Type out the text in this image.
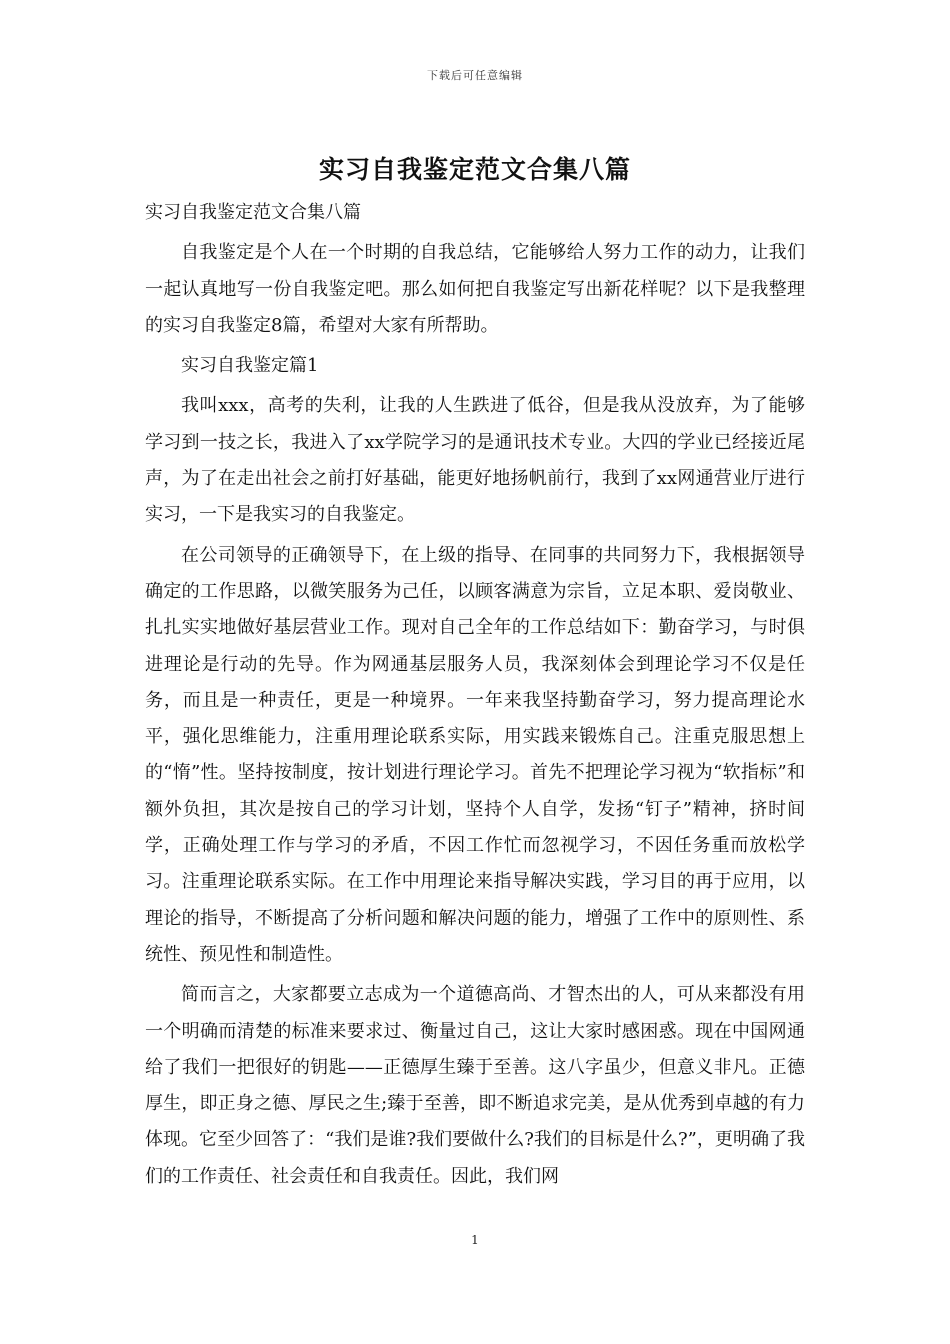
下载后可任意编辑
实习自我鉴定范文合集八篇

实习自我鉴定范文合集八篇

自我鉴定是个人在一个时期的自我总结，它能够给人努力工作的动力，让我们一起认真地写一份自我鉴定吧。那么如何把自我鉴定写出新花样呢？以下是我整理的实习自我鉴定8篇，希望对大家有所帮助。

实习自我鉴定篇1

我叫xxx，高考的失利，让我的人生跌进了低谷，但是我从没放弃，为了能够学习到一技之长，我进入了xx学院学习的是通讯技术专业。大四的学业已经接近尾声，为了在走出社会之前打好基础，能更好地扬帆前行，我到了xx网通营业厅进行实习，一下是我实习的自我鉴定。

在公司领导的正确领导下，在上级的指导、在同事的共同努力下，我根据领导确定的工作思路，以微笑服务为己任，以顾客满意为宗旨，立足本职、爱岗敬业、扎扎实实地做好基层营业工作。现对自己全年的工作总结如下：勤奋学习，与时俱进理论是行动的先导。作为网通基层服务人员，我深刻体会到理论学习不仅是任务，而且是一种责任，更是一种境界。一年来我坚持勤奋学习，努力提高理论水平，强化思维能力，注重用理论联系实际，用实践来锻炼自己。注重克服思想上的“惰”性。坚持按制度，按计划进行理论学习。首先不把理论学习视为“软指标”和额外负担，其次是按自己的学习计划，坚持个人自学，发扬“钉子”精神，挤时间学，正确处理工作与学习的矛盾，不因工作忙而忽视学习，不因任务重而放松学习。注重理论联系实际。在工作中用理论来指导解决实践，学习目的再于应用，以理论的指导，不断提高了分析问题和解决问题的能力，增强了工作中的原则性、系统性、预见性和制造性。

简而言之，大家都要立志成为一个道德高尚、才智杰出的人，可从来都没有用一个明确而清楚的标准来要求过、衡量过自己，这让大家时感困惑。现在中国网通给了我们一把很好的钥匙——正德厚生臻于至善。这八字虽少，但意义非凡。正德厚生，即正身之德、厚民之生;臻于至善，即不断追求完美，是从优秀到卓越的有力体现。它至少回答了：“我们是谁?我们要做什么?我们的目标是什么?”，更明确了我们的工作责任、社会责任和自我责任。因此，我们网

1
